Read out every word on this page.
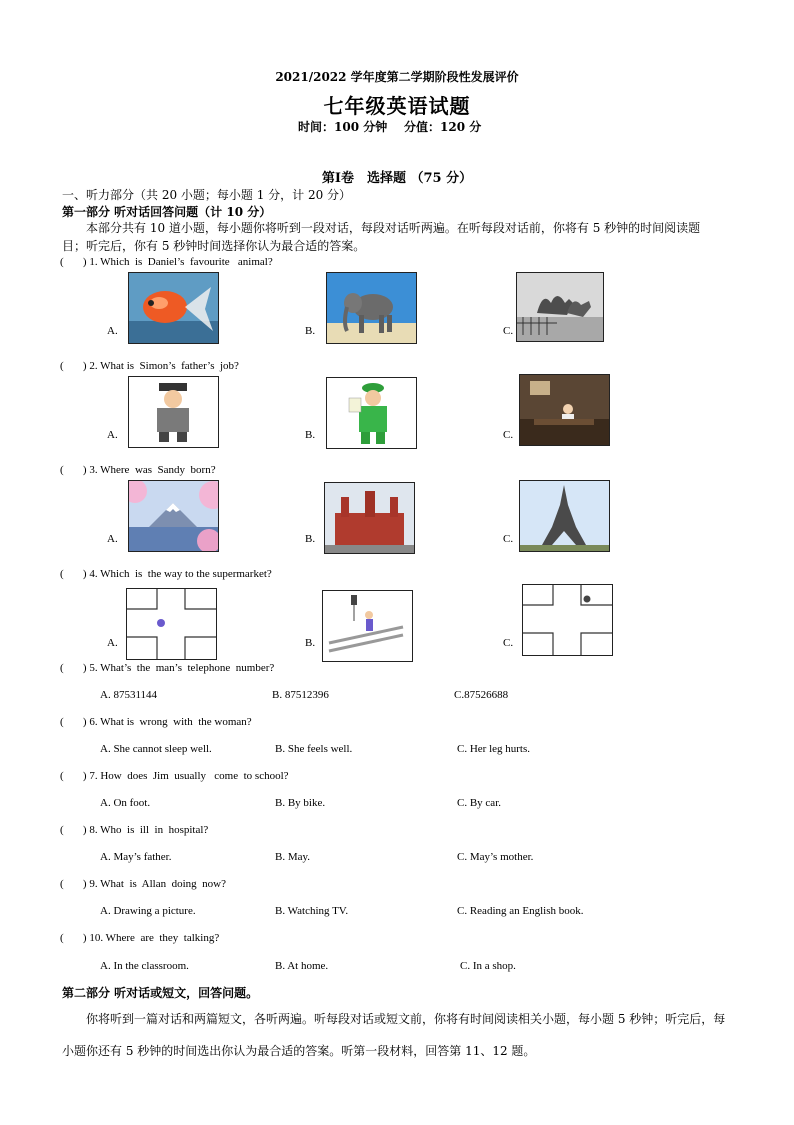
2021/2022 学年度第二学期阶段性发展评价
七年级英语试题
时间：100 分钟 分值：120 分
第Ⅰ卷　选择题 （75 分）
一、听力部分（共 20 小题；每小题 1 分，计 20 分）
第一部分 听对话回答问题（计 10 分）
本部分共有 10 道小题，每小题你将听到一段对话，每段对话听两遍。在听每段对话前，你将有 5 秒钟的时间阅读题目；听完后，你有 5 秒钟时间选择你认为最合适的答案。
(       ) 1. Which  is  Daniel’s  favourite   animal?
A.	B.	C.
(       ) 2. What is  Simon’s  father’s  job?
A.	B.	C.
(       ) 3. Where  was  Sandy  born?
A.	B.	C.
(       ) 4. Which  is  the way to the supermarket?
A.	B.	C.
(       ) 5. What’s  the  man’s  telephone  number?
A. 87531144	B. 87512396	C.87526688
(       ) 6. What is  wrong  with  the woman?
A. She cannot sleep well.	B. She feels well.	C. Her leg hurts.
(       ) 7. How  does  Jim  usually   come  to school?
A. On foot.	B. By bike.	C. By car.
(       ) 8. Who  is  ill  in  hospital?
A. May’s father.	B. May.	C. May’s mother.
(       ) 9. What  is  Allan  doing  now?
A. Drawing a picture.	B. Watching TV.	C. Reading an English book.
(       ) 10. Where  are  they  talking?
A. In the classroom.	B. At home.	C. In a shop.
第二部分 听对话或短文，回答问题。
你将听到一篇对话和两篇短文，各听两遍。听每段对话或短文前，你将有时间阅读相关小题，每小题 5 秒钟；听完后，每小题你还有 5 秒钟的时间选出你认为最合适的答案。听第一段材料，回答第 11、12 题。
